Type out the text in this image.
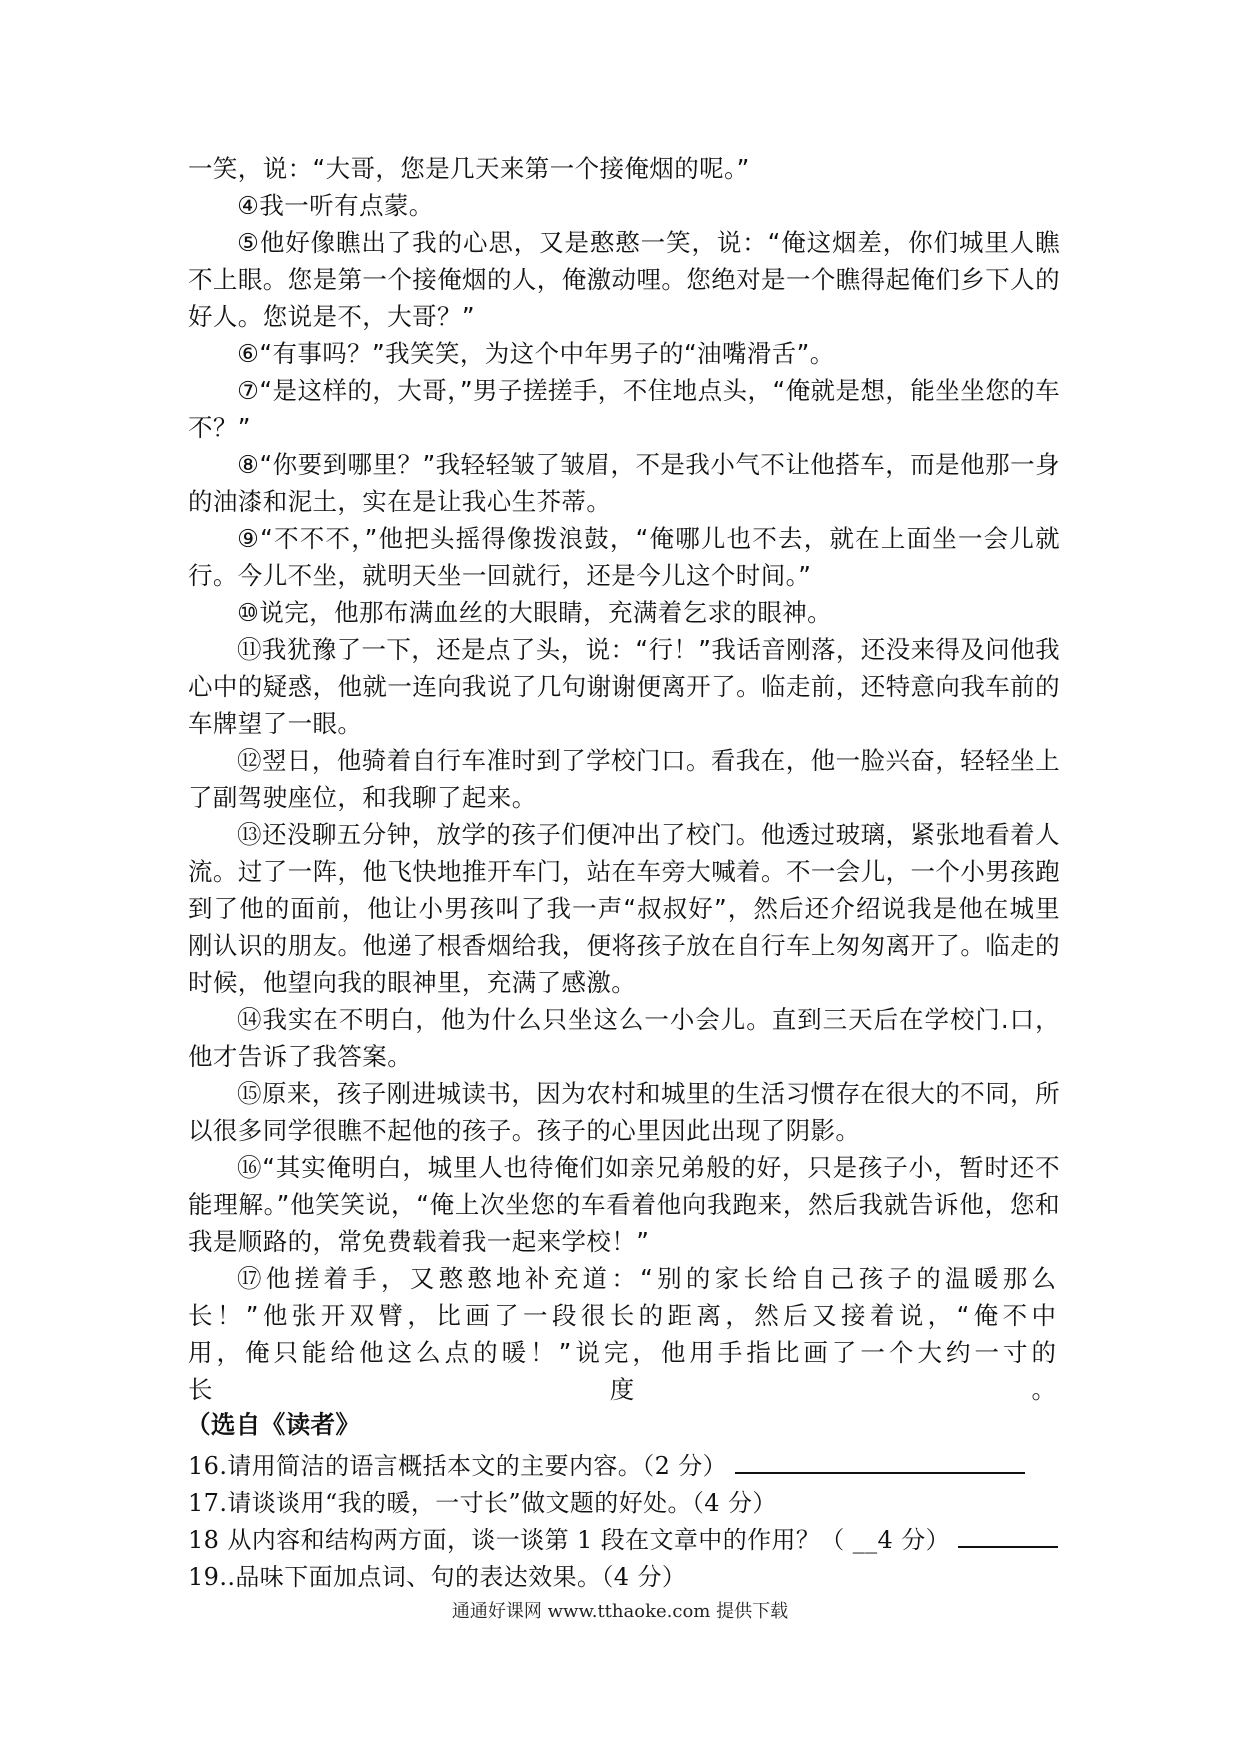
一笑，说：“大哥，您是几天来第一个接俺烟的呢。”

④我一听有点蒙。

⑤他好像瞧出了我的心思，又是憨憨一笑，说：“俺这烟差，你们城里人瞧不上眼。您是第一个接俺烟的人，俺激动哩。您绝对是一个瞧得起俺们乡下人的好人。您说是不，大哥？”

⑥“有事吗？”我笑笑，为这个中年男子的“油嘴滑舌”。

⑦“是这样的，大哥，”男子搓搓手，不住地点头，“俺就是想，能坐坐您的车不？”

⑧“你要到哪里？”我轻轻皱了皱眉，不是我小气不让他搭车，而是他那一身的油漆和泥土，实在是让我心生芥蒂。

⑨“不不不，”他把头摇得像拨浪鼓，“俺哪儿也不去，就在上面坐一会儿就行。今儿不坐，就明天坐一回就行，还是今儿这个时间。”

⑩说完，他那布满血丝的大眼睛，充满着乞求的眼神。

⑪我犹豫了一下，还是点了头，说：“行！”我话音刚落，还没来得及问他我心中的疑惑，他就一连向我说了几句谢谢便离开了。临走前，还特意向我车前的车牌望了一眼。

⑫翌日，他骑着自行车准时到了学校门口。看我在，他一脸兴奋，轻轻坐上了副驾驶座位，和我聊了起来。

⑬还没聊五分钟，放学的孩子们便冲出了校门。他透过玻璃，紧张地看着人流。过了一阵，他飞快地推开车门，站在车旁大喊着。不一会儿，一个小男孩跑到了他的面前，他让小男孩叫了我一声“叔叔好”，然后还介绍说我是他在城里刚认识的朋友。他递了根香烟给我，便将孩子放在自行车上匆匆离开了。临走的时候，他望向我的眼神里，充满了感激。

⑭我实在不明白，他为什么只坐这么一小会儿。直到三天后在学校门.口，他才告诉了我答案。

⑮原来，孩子刚进城读书，因为农村和城里的生活习惯存在很大的不同，所以很多同学很瞧不起他的孩子。孩子的心里因此出现了阴影。

⑯“其实俺明白，城里人也待俺们如亲兄弟般的好，只是孩子小，暂时还不能理解。”他笑笑说，“俺上次坐您的车看着他向我跑来，然后我就告诉他，您和我是顺路的，常免费载着我一起来学校！”

⑰他搓着手，又憨憨地补充道：“别的家长给自己孩子的温暖那么长！”他张开双臂，比画了一段很长的距离，然后又接着说，“俺不中用，俺只能给他这么点的暖！”说完，他用手指比画了一个大约一寸的长度。

（选自《读者》

16.请用简洁的语言概括本文的主要内容。（2 分）

17.请谈谈用“我的暖，一寸长”做文题的好处。（4 分）

18 从内容和结构两方面，谈一谈第 1 段在文章中的作用？（ __4 分）

19..品味下面加点词、句的表达效果。（4 分）

通通好课网 www.tthaoke.com 提供下载
